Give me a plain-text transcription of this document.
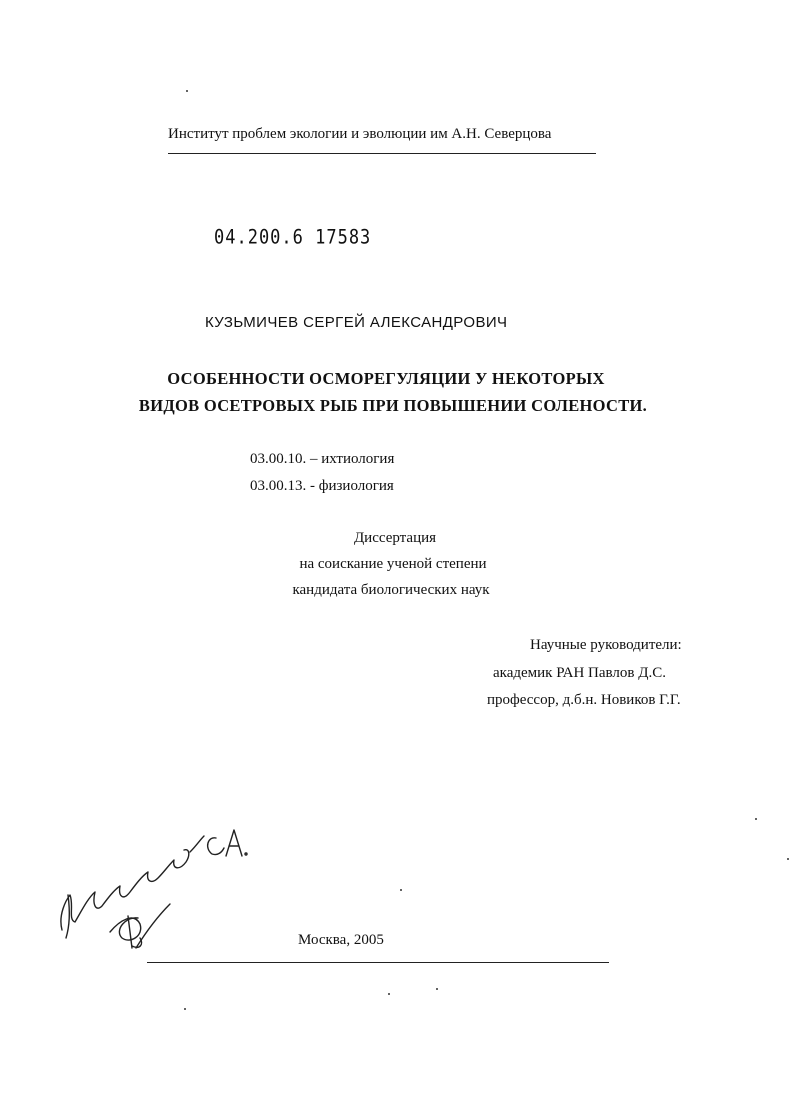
Институт проблем экологии и эволюции им А.Н. Северцова
04.200.6 17583
КУЗЬМИЧЕВ СЕРГЕЙ АЛЕКСАНДРОВИЧ
ОСОБЕННОСТИ ОСМОРЕГУЛЯЦИИ У НЕКОТОРЫХ
ВИДОВ ОСЕТРОВЫХ РЫБ ПРИ ПОВЫШЕНИИ СОЛЕНОСТИ.
03.00.10. – ихтиология
03.00.13. - физиология
Диссертация
на соискание ученой степени
кандидата биологических наук
Научные руководители:
академик РАН Павлов Д.С.
профессор, д.б.н. Новиков Г.Г.
Москва, 2005
